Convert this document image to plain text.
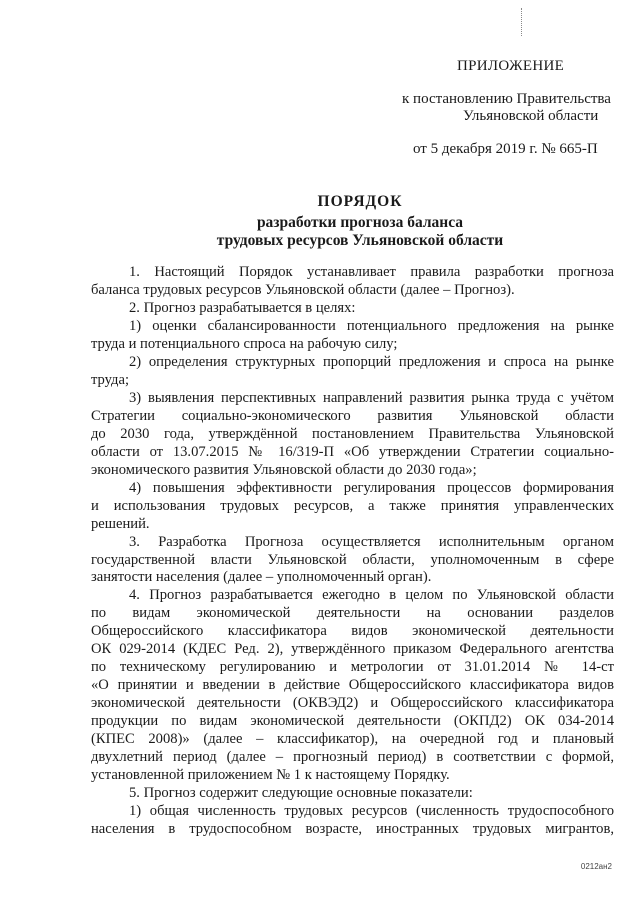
ПРИЛОЖЕНИЕ
к постановлению Правительства
Ульяновской области
от 5 декабря 2019 г. № 665-П
ПОРЯДОК
разработки прогноза баланса
трудовых ресурсов Ульяновской области
1. Настоящий Порядок устанавливает правила разработки прогноза
баланса трудовых ресурсов Ульяновской области (далее – Прогноз).
2. Прогноз разрабатывается в целях:
1) оценки сбалансированности потенциального предложения на рынке
труда и потенциального спроса на рабочую силу;
2) определения структурных пропорций предложения и спроса на рынке
труда;
3) выявления перспективных направлений развития рынка труда с учётом
Стратегии социально-экономического развития Ульяновской области
до 2030 года, утверждённой постановлением Правительства Ульяновской
области от 13.07.2015 № 16/319-П «Об утверждении Стратегии социально-
экономического развития Ульяновской области до 2030 года»;
4) повышения эффективности регулирования процессов формирования
и использования трудовых ресурсов, а также принятия управленческих
решений.
3. Разработка Прогноза осуществляется исполнительным органом
государственной власти Ульяновской области, уполномоченным в сфере
занятости населения (далее – уполномоченный орган).
4. Прогноз разрабатывается ежегодно в целом по Ульяновской области
по видам экономической деятельности на основании разделов
Общероссийского классификатора видов экономической деятельности
ОК 029-2014 (КДЕС Ред. 2), утверждённого приказом Федерального агентства
по техническому регулированию и метрологии от 31.01.2014 № 14-ст
«О принятии и введении в действие Общероссийского классификатора видов
экономической деятельности (ОКВЭД2) и Общероссийского классификатора
продукции по видам экономической деятельности (ОКПД2) ОК 034-2014
(КПЕС 2008)» (далее – классификатор), на очередной год и плановый
двухлетний период (далее – прогнозный период) в соответствии с формой,
установленной приложением № 1 к настоящему Порядку.
5. Прогноз содержит следующие основные показатели:
1) общая численность трудовых ресурсов (численность трудоспособного
населения в трудоспособном возрасте, иностранных трудовых мигрантов,
0212ан2
